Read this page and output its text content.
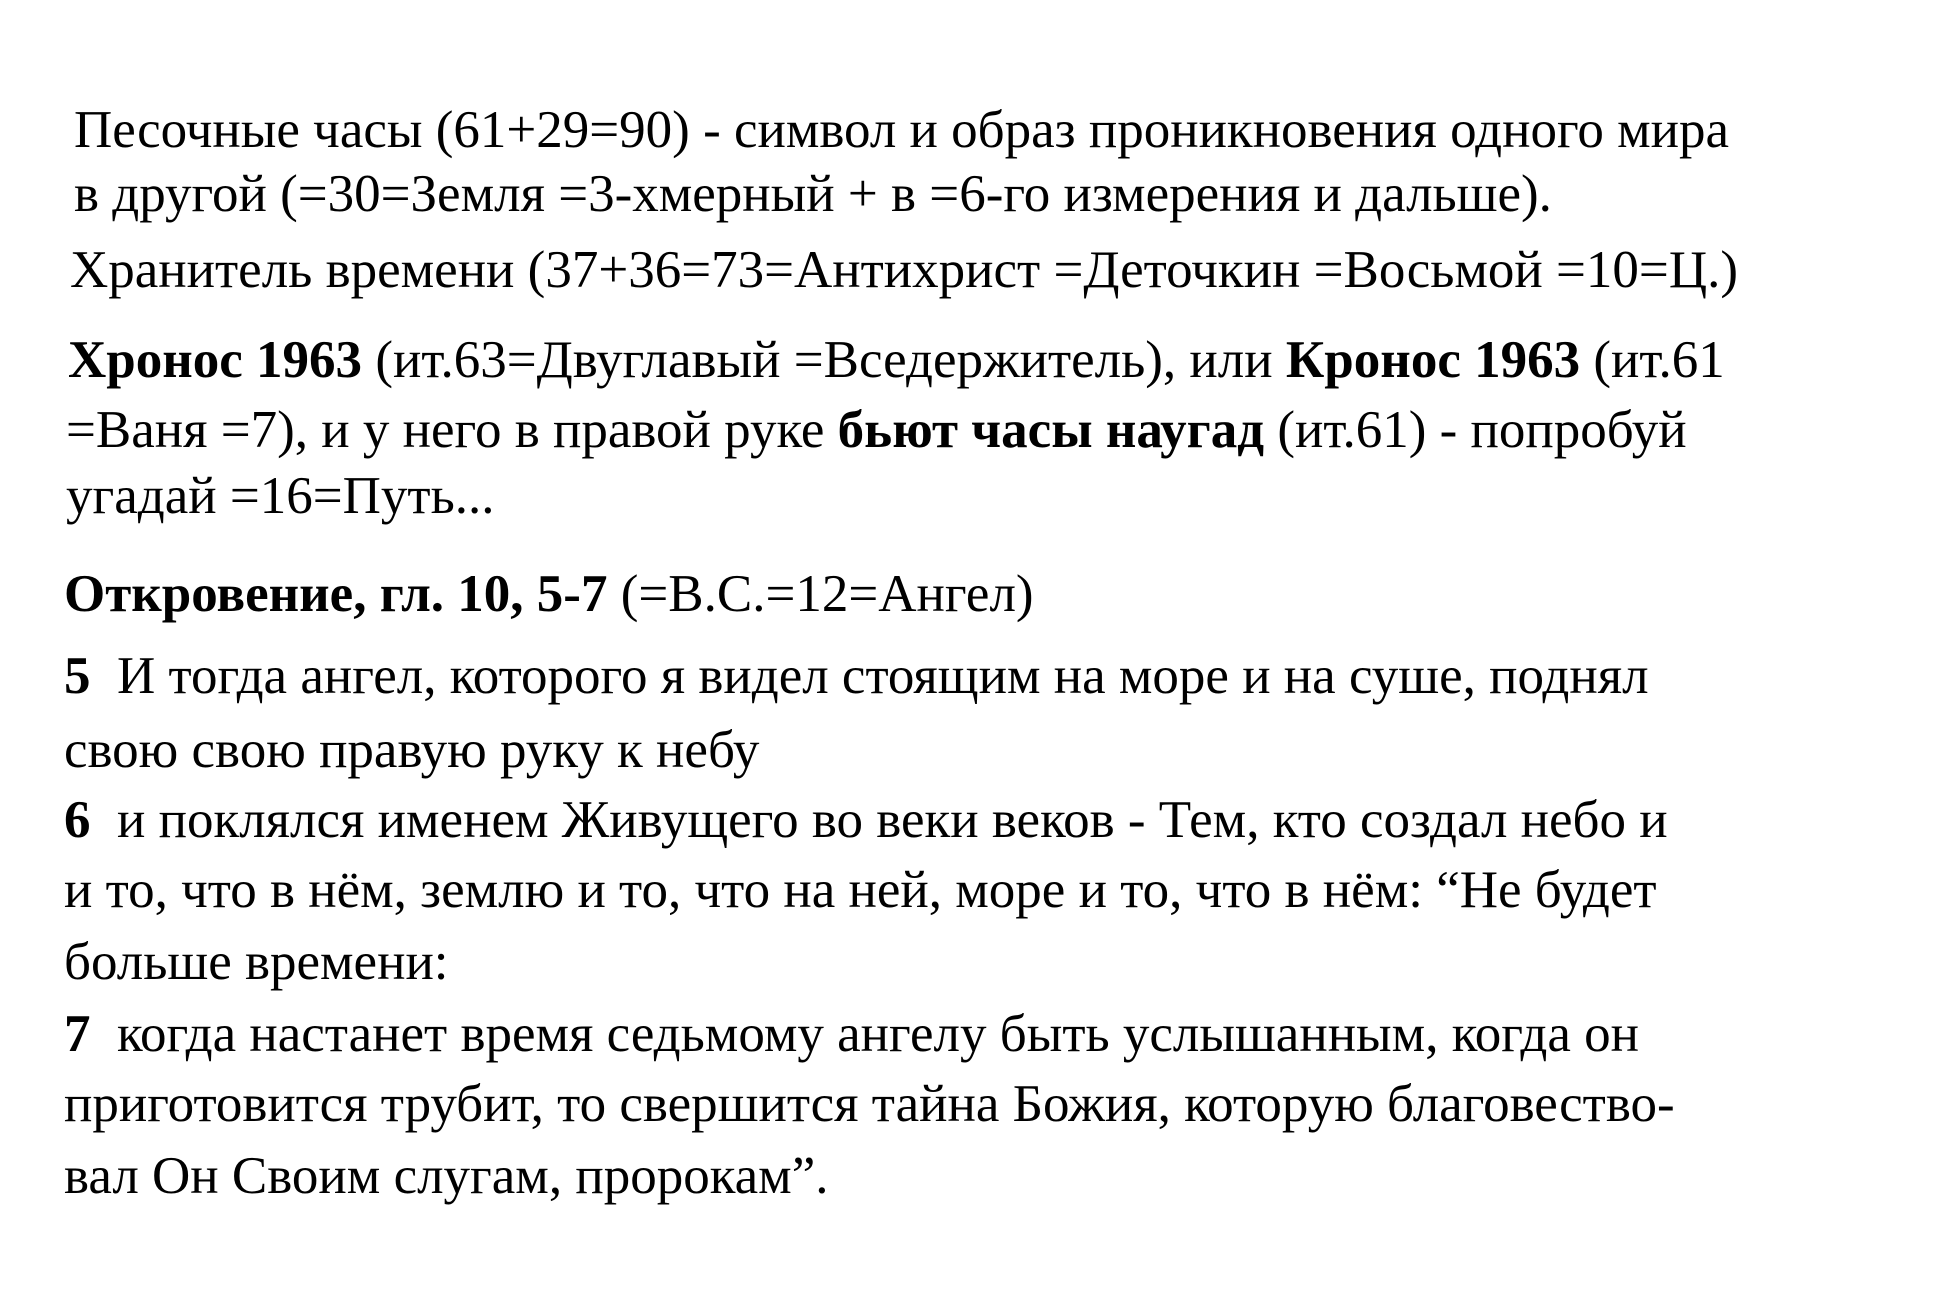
Песочные часы (61+29=90) - символ и образ проникновения одного мира
в другой (=30=Земля =3-хмерный + в =6-го измерения и дальше).
Хранитель времени (37+36=73=Антихрист =Деточкин =Восьмой =10=Ц.)
Хронос 1963 (ит.63=Двуглавый =Вседержитель), или Кронос 1963 (ит.61
=Ваня =7), и у него в правой руке бьют часы наугад (ит.61) - попробуй
угадай =16=Путь...
Откровение, гл. 10, 5-7 (=В.С.=12=Ангел)
5  И тогда ангел, которого я видел стоящим на море и на суше, поднял
свою свою правую руку к небу
6  и поклялся именем Живущего во веки веков - Тем, кто создал небо и
и то, что в нём, землю и то, что на ней, море и то, что в нём: “Не будет
больше времени:
7  когда настанет время седьмому ангелу быть услышанным, когда он
приготовится трубит, то свершится тайна Божия, которую благовество-
вал Он Своим слугам, пророкам”.
